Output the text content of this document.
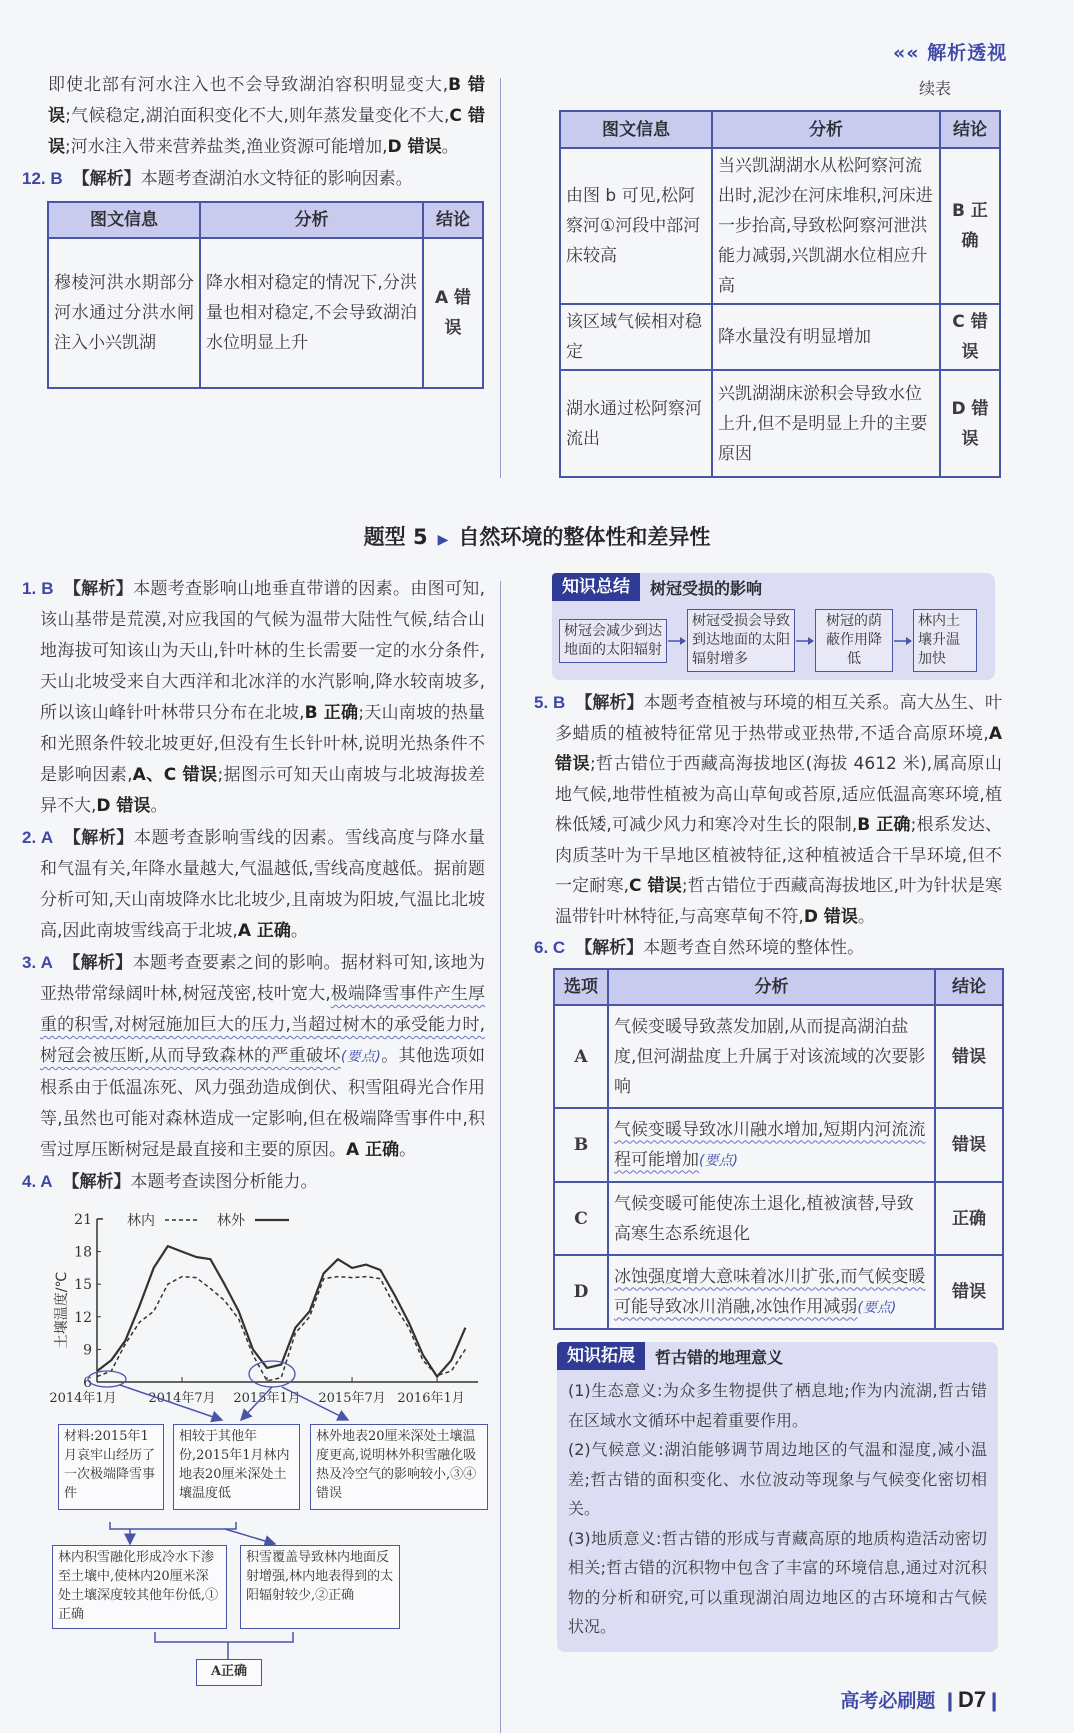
«« 解析透视

即使北部有河水注入也不会导致湖泊容积明显变大,B 错误;气候稳定,湖泊面积变化不大,则年蒸发量变化不大,C 错误;河水注入带来营养盐类,渔业资源可能增加,D 错误。

12. B 【解析】本题考查湖泊水文特征的影响因素。

图文信息	分析	结论
穆棱河洪水期部分河水通过分洪水闸注入小兴凯湖	降水相对稳定的情况下,分洪量也相对稳定,不会导致湖泊水位明显上升	A 错误
续表
图文信息	分析	结论
由图 b 可见,松阿察河①河段中部河床较高	当兴凯湖湖水从松阿察河流出时,泥沙在河床堆积,河床进一步抬高,导致松阿察河泄洪能力减弱,兴凯湖水位相应升高	B 正确
该区域气候相对稳定	降水量没有明显增加	C 错误
湖水通过松阿察河流出	兴凯湖湖床淤积会导致水位上升,但不是明显上升的主要原因	D 错误
题型 5 ▶ 自然环境的整体性和差异性

1. B 【解析】本题考查影响山地垂直带谱的因素。由图可知,该山基带是荒漠,对应我国的气候为温带大陆性气候,结合山地海拔可知该山为天山,针叶林的生长需要一定的水分条件,天山北坡受来自大西洋和北冰洋的水汽影响,降水较南坡多,所以该山峰针叶林带只分布在北坡,B 正确;天山南坡的热量和光照条件较北坡更好,但没有生长针叶林,说明光热条件不是影响因素,A、C 错误;据图示可知天山南坡与北坡海拔差异不大,D 错误。

2. A 【解析】本题考查影响雪线的因素。雪线高度与降水量和气温有关,年降水量越大,气温越低,雪线高度越低。据前题分析可知,天山南坡降水比北坡少,且南坡为阳坡,气温比北坡高,因此南坡雪线高于北坡,A 正确。

3. A 【解析】本题考查要素之间的影响。据材料可知,该地为亚热带常绿阔叶林,树冠茂密,枝叶宽大,极端降雪事件产生厚重的积雪,对树冠施加巨大的压力,当超过树木的承受能力时,树冠会被压断,从而导致森林的严重破坏(要点)。其他选项如根系由于低温冻死、风力强劲造成倒伏、积雪阻碍光合作用等,虽然也可能对森林造成一定影响,但在极端降雪事件中,积雪过厚压断树冠是最直接和主要的原因。A 正确。

4. A 【解析】本题考查读图分析能力。

21
18
15
12
9
6
2014年1月 2014年7月 2015年1月 2015年7月 2016年1月
土壤温度/℃
林内	林外
材料:2015年1月哀牢山经历了一次极端降雪事件
相较于其他年份,2015年1月林内地表20厘米深处土壤温度低
林外地表20厘米深处土壤温度更高,说明林外积雪融化吸热及冷空气的影响较小,③④错误
林内积雪融化形成冷水下渗至土壤中,使林内20厘米深处土壤深度较其他年份低,①正确
积雪覆盖导致林内地面反射增强,林内地表得到的太阳辐射较少,②正确
A正确
知识总结	树冠受损的影响
树冠会减少到达地面的太阳辐射
树冠受损会导致到达地面的太阳辐射增多
树冠的荫蔽作用降低
林内土壤升温加快

5. B 【解析】本题考查植被与环境的相互关系。高大丛生、叶多蜡质的植被特征常见于热带或亚热带,不适合高原环境,A 错误;哲古错位于西藏高海拔地区(海拔 4612 米),属高原山地气候,地带性植被为高山草甸或苔原,适应低温高寒环境,植株低矮,可减少风力和寒冷对生长的限制,B 正确;根系发达、肉质茎叶为干旱地区植被特征,这种植被适合干旱环境,但不一定耐寒,C 错误;哲古错位于西藏高海拔地区,叶为针状是寒温带针叶林特征,与高寒草甸不符,D 错误。

6. C 【解析】本题考查自然环境的整体性。

选项	分析	结论
A	气候变暖导致蒸发加剧,从而提高湖泊盐度,但河湖盐度上升属于对该流域的次要影响	错误
B	气候变暖导致冰川融水增加,短期内河流流程可能增加(要点)	错误
C	气候变暖可能使冻土退化,植被演替,导致高寒生态系统退化	正确
D	冰蚀强度增大意味着冰川扩张,而气候变暖可能导致冰川消融,冰蚀作用减弱(要点)	错误
知识拓展	哲古错的地理意义

(1)生态意义:为众多生物提供了栖息地;作为内流湖,哲古错在区域水文循环中起着重要作用。

(2)气候意义:湖泊能够调节周边地区的气温和湿度,减小温差;哲古错的面积变化、水位波动等现象与气候变化密切相关。

(3)地质意义:哲古错的形成与青藏高原的地质构造活动密切相关;哲古错的沉积物中包含了丰富的环境信息,通过对沉积物的分析和研究,可以重现湖泊周边地区的古环境和古气候状况。

高考必刷题 ❙D7❙
